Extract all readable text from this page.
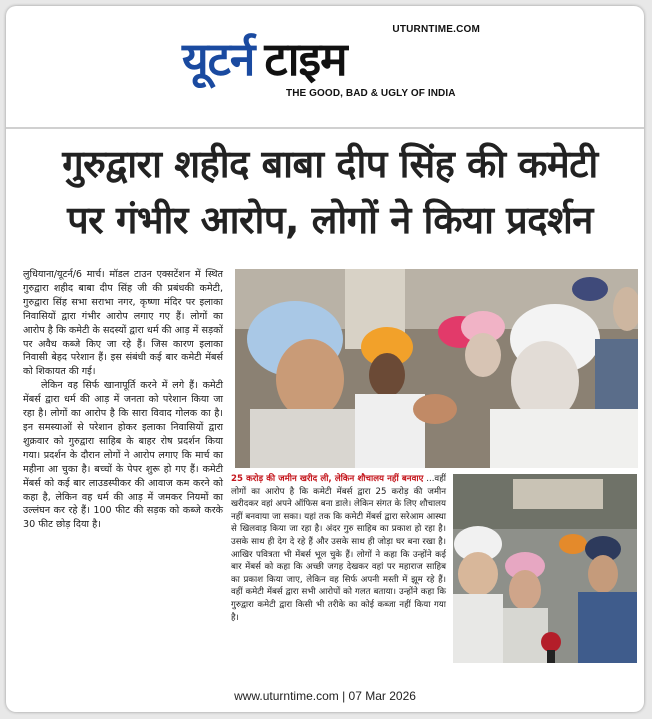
UTURNTIME.COM
यूटर्न टाइम
THE GOOD, BAD & UGLY OF INDIA
गुरुद्वारा शहीद बाबा दीप सिंह की कमेटी
पर गंभीर आरोप, लोगों ने किया प्रदर्शन

लुधियाना/यूटर्न/6 मार्च। मॉडल टाउन एक्सटेंशन में स्थित गुरुद्वारा शहीद बाबा दीप सिंह जी की प्रबंधकी कमेटी, गुरुद्वारा सिंह सभा सराभा नगर, कृष्णा मंदिर पर इलाका निवासियों द्वारा गंभीर आरोप लगाए गए हैं। लोगों का आरोप है कि कमेटी के सदस्यों द्वारा धर्म की आड़ में सड़कों पर अवैध कब्जे किए जा रहे हैं। जिस कारण इलाका निवासी बेहद परेशान हैं। इस संबंधी कई बार कमेटी मेंबर्स को शिकायत की गई।

लेकिन वह सिर्फ खानापूर्ति करने में लगे हैं। कमेटी मेंबर्स द्वारा धर्म की आड़ में जनता को परेशान किया जा रहा है। लोगों का आरोप है कि सारा विवाद गोलक का है। इन समस्याओं से परेशान होकर इलाका निवासियों द्वारा शुक्रवार को गुरुद्वारा साहिब के बाहर रोष प्रदर्शन किया गया। प्रदर्शन के दौरान लोगों ने आरोप लगाए कि मार्च का महीना आ चुका है। बच्चों के पेपर शुरू हो गए हैं। कमेटी मेंबर्स को कई बार लाउडस्पीकर की आवाज कम करने को कहा है, लेकिन वह धर्म की आड़ में जमकर नियमों का उल्लंघन कर रहे हैं। 100 फीट की सड़क को कब्जे करके 30 फीट छोड़ दिया है।

25 करोड़ की जमीन खरीद ली, लेकिन शौचालय नहीं बनवाए ...वहीं लोगों का आरोप है कि कमेटी मेंबर्स द्वारा 25 करोड़ की जमीन खरीदकर वहां अपने ऑफिस बना डाले। लेकिन संगत के लिए शौचालय नहीं बनवाया जा सका। यहां तक कि कमेटी मेंबर्स द्वारा सरेआम आस्था से खिलवाड़ किया जा रहा है। अंदर गुरु साहिब का प्रकाश हो रहा है। उसके साथ ही देग दे रहे हैं और उसके साथ ही जोड़ा घर बना रखा है। आखिर पवित्रता भी मेंबर्स भूल चुके हैं। लोगों ने कहा कि उन्होंने कई बार मेंबर्स को कहा कि अच्छी जगह देखकर वहां पर महाराज साहिब का प्रकाश किया जाए, लेकिन वह सिर्फ अपनी मस्ती में झूम रहे हैं। वहीं कमेटी मेंबर्स द्वारा सभी आरोपों को गलत बताया। उन्होंने कहा कि गुरुद्वारा कमेटी द्वारा किसी भी तरीके का कोई कब्जा नहीं किया गया है।
www.uturntime.com | 07 Mar 2026
